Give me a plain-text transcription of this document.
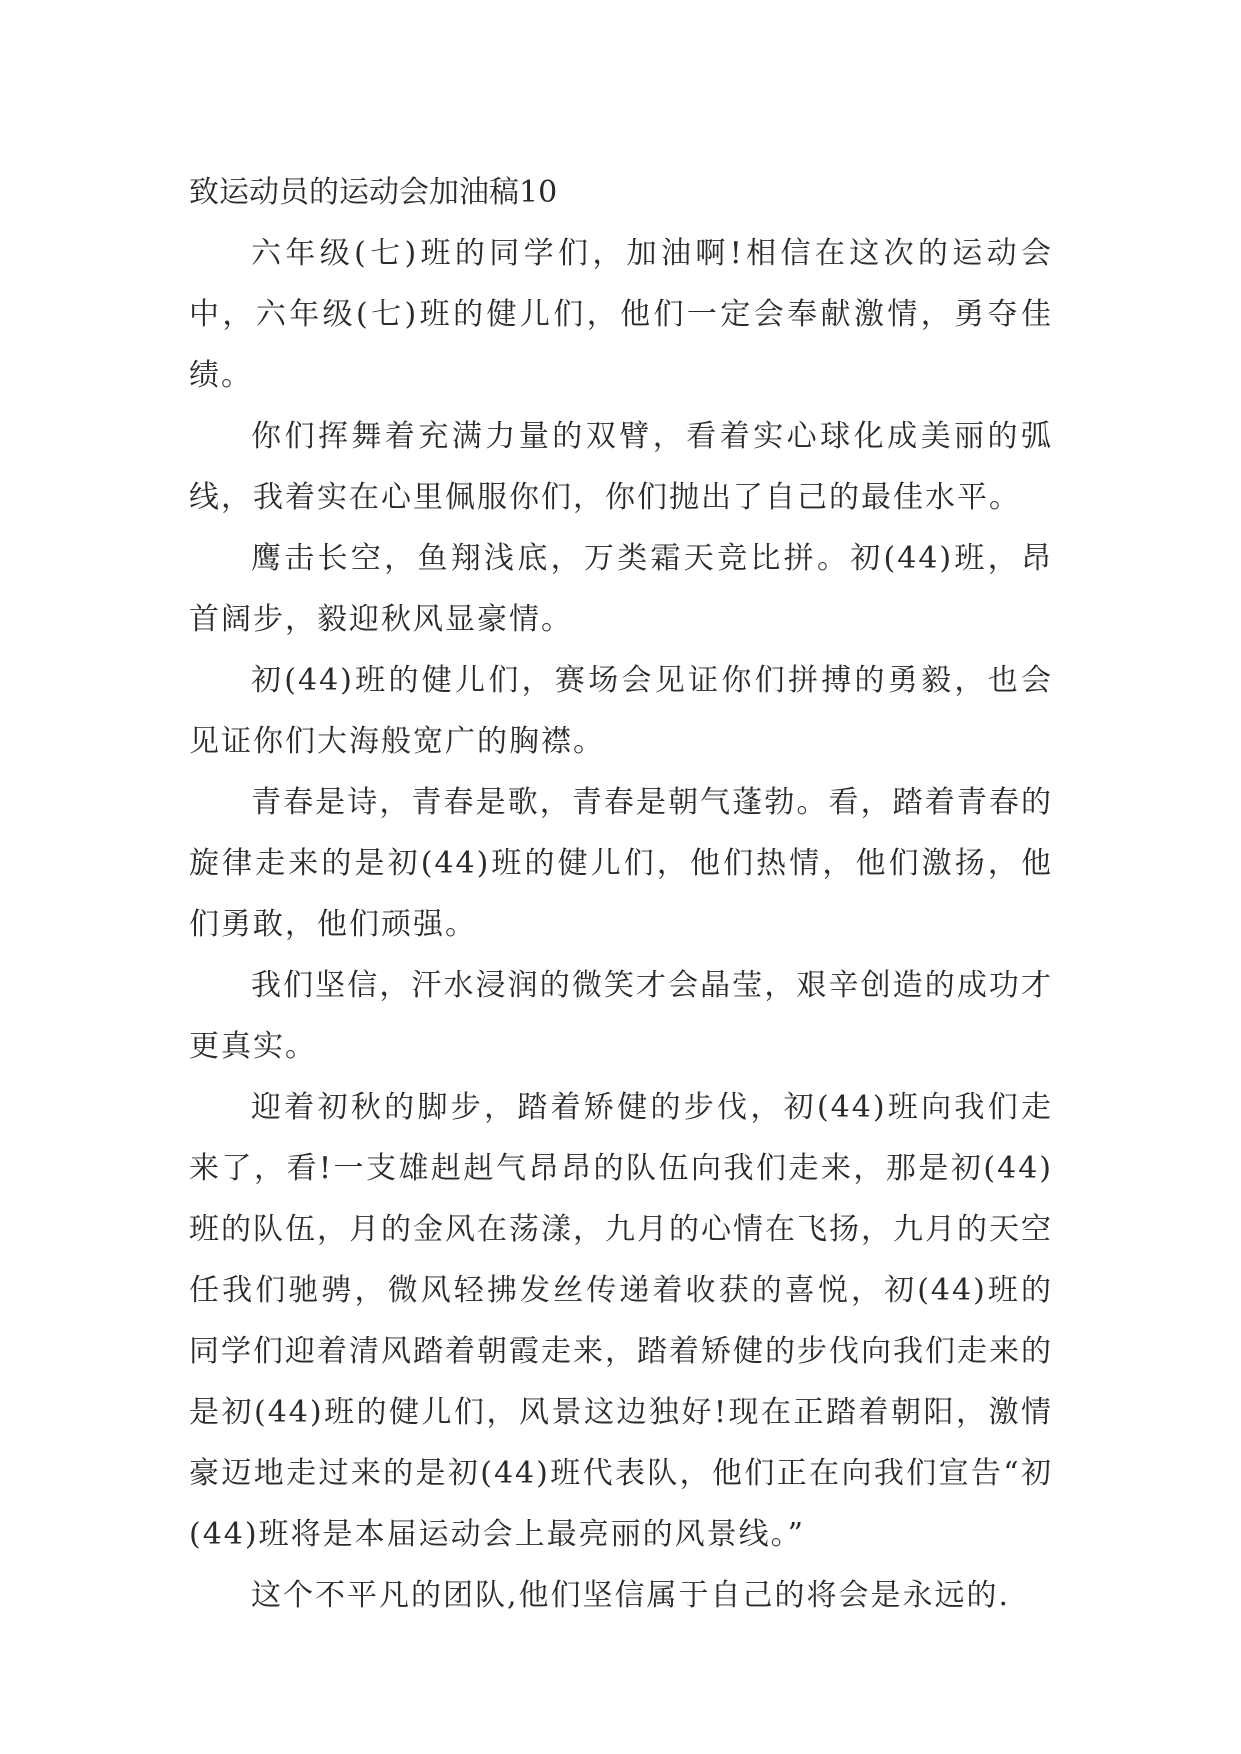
致运动员的运动会加油稿10

六年级(七)班的同学们，加油啊!相信在这次的运动会中，六年级(七)班的健儿们，他们一定会奉献激情，勇夺佳绩。

你们挥舞着充满力量的双臂，看着实心球化成美丽的弧线，我着实在心里佩服你们，你们抛出了自己的最佳水平。

鹰击长空，鱼翔浅底，万类霜天竞比拼。初(44)班，昂首阔步，毅迎秋风显豪情。

初(44)班的健儿们，赛场会见证你们拼搏的勇毅，也会见证你们大海般宽广的胸襟。

青春是诗，青春是歌，青春是朝气蓬勃。看，踏着青春的旋律走来的是初(44)班的健儿们，他们热情，他们激扬，他们勇敢，他们顽强。

我们坚信，汗水浸润的微笑才会晶莹，艰辛创造的成功才更真实。

迎着初秋的脚步，踏着矫健的步伐，初(44)班向我们走来了，看!一支雄赳赳气昂昂的队伍向我们走来，那是初(44)班的队伍，月的金风在荡漾，九月的心情在飞扬，九月的天空任我们驰骋，微风轻拂发丝传递着收获的喜悦，初(44)班的同学们迎着清风踏着朝霞走来，踏着矫健的步伐向我们走来的是初(44)班的健儿们，风景这边独好!现在正踏着朝阳，激情豪迈地走过来的是初(44)班代表队，他们正在向我们宣告“初(44)班将是本届运动会上最亮丽的风景线。”

这个不平凡的团队,他们坚信属于自己的将会是永远的.
